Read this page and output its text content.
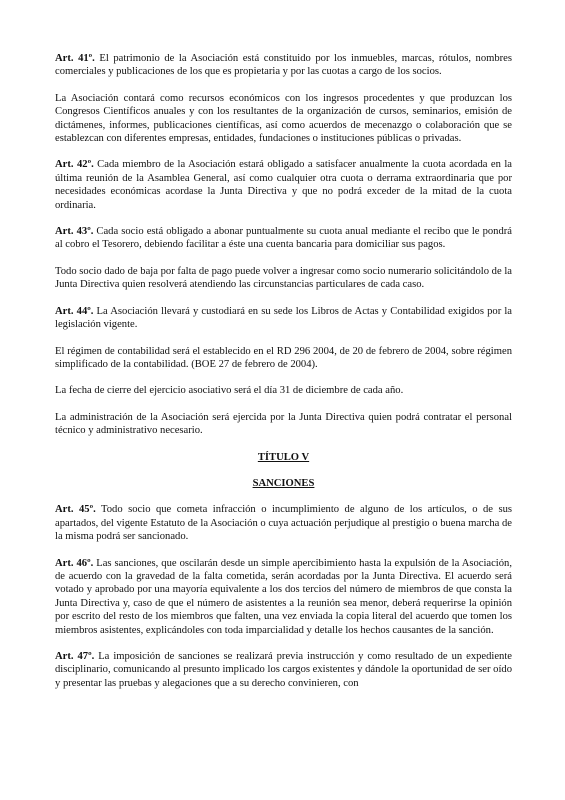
Art. 41º. El patrimonio de la Asociación está constituido por los inmuebles, marcas, rótulos, nombres comerciales y publicaciones de los que es propietaria y por las cuotas a cargo de los socios.

La Asociación contará como recursos económicos con los ingresos procedentes y que produzcan los Congresos Científicos anuales y con los resultantes de la organización de cursos, seminarios, emisión de dictámenes, informes, publicaciones científicas, así como acuerdos de mecenazgo o colaboración que se establezcan con diferentes empresas, entidades, fundaciones o instituciones públicas o privadas.

Art. 42º. Cada miembro de la Asociación estará obligado a satisfacer anualmente la cuota acordada en la última reunión de la Asamblea General, así como cualquier otra cuota o derrama extraordinaria que por necesidades económicas acordase la Junta Directiva y que no podrá exceder de la mitad de la cuota ordinaria.

Art. 43º. Cada socio está obligado a abonar puntualmente su cuota anual mediante el recibo que le pondrá al cobro el Tesorero, debiendo facilitar a éste una cuenta bancaria para domiciliar sus pagos.

Todo socio dado de baja por falta de pago puede volver a ingresar como socio numerario solicitándolo de la Junta Directiva quien resolverá atendiendo las circunstancias particulares de cada caso.

Art. 44º. La Asociación llevará y custodiará en su sede los Libros de Actas y Contabilidad exigidos por la legislación vigente.

El régimen de contabilidad será el establecido en el RD 296 2004, de 20 de febrero de 2004, sobre régimen simplificado de la contabilidad. (BOE 27 de febrero de 2004).

La fecha de cierre del ejercicio asociativo será el día 31 de diciembre de cada año.

La administración de la Asociación será ejercida por la Junta Directiva quien podrá contratar el personal técnico y administrativo necesario.

TÍTULO V

SANCIONES

Art. 45º. Todo socio que cometa infracción o incumplimiento de alguno de los artículos, o de sus apartados, del vigente Estatuto de la Asociación o cuya actuación perjudique al prestigio o buena marcha de la misma podrá ser sancionado.

Art. 46º. Las sanciones, que oscilarán desde un simple apercibimiento hasta la expulsión de la Asociación, de acuerdo con la gravedad de la falta cometida, serán acordadas por la Junta Directiva. El acuerdo será votado y aprobado por una mayoría equivalente a los dos tercios del número de miembros de que consta la Junta Directiva y, caso de que el número de asistentes a la reunión sea menor, deberá requerirse la opinión por escrito del resto de los miembros que falten, una vez enviada la copia literal del acuerdo que tomen los miembros asistentes, explicándoles con toda imparcialidad y detalle los hechos causantes de la sanción.

Art. 47º. La imposición de sanciones se realizará previa instrucción y como resultado de un expediente disciplinario, comunicando al presunto implicado los cargos existentes y dándole la oportunidad de ser oído y presentar las pruebas y alegaciones que a su derecho convinieren, con
